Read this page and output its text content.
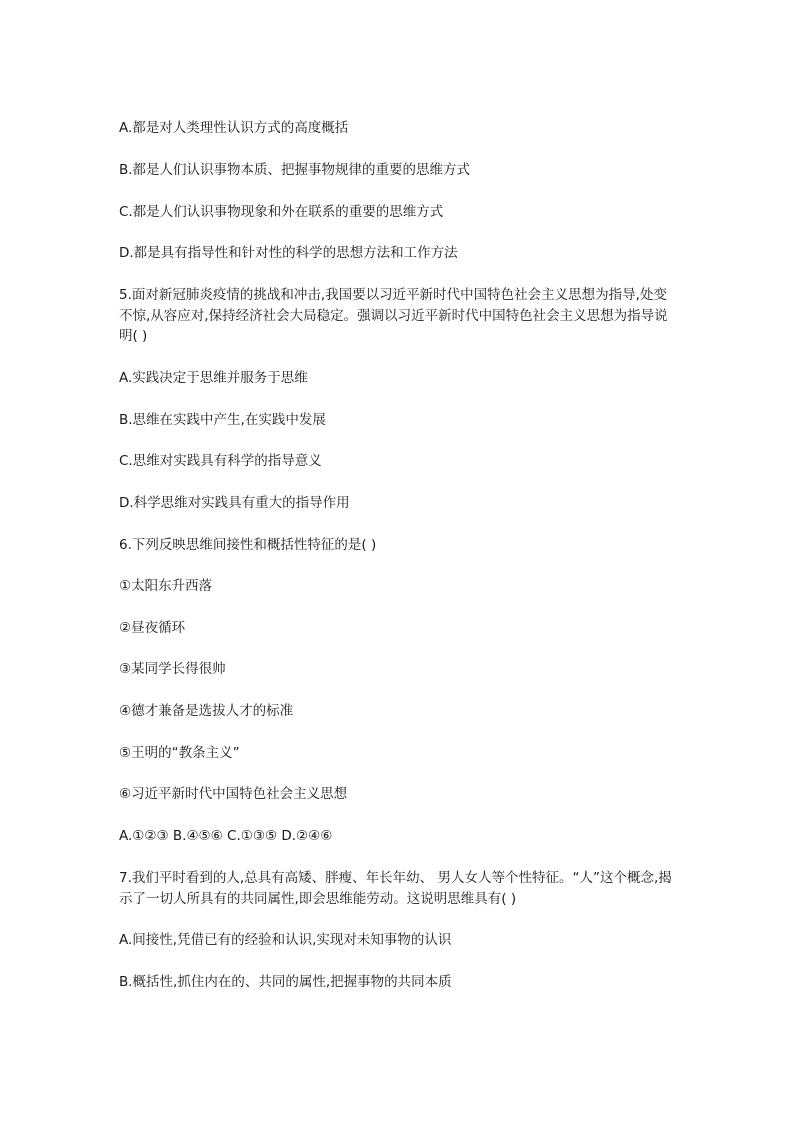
A.都是对人类理性认识方式的高度概括
B.都是人们认识事物本质、把握事物规律的重要的思维方式
C.都是人们认识事物现象和外在联系的重要的思维方式
D.都是具有指导性和针对性的科学的思想方法和工作方法
5.面对新冠肺炎疫情的挑战和冲击,我国要以习近平新时代中国特色社会主义思想为指导,处变不惊,从容应对,保持经济社会大局稳定。强调以习近平新时代中国特色社会主义思想为指导说明( )
A.实践决定于思维并服务于思维
B.思维在实践中产生,在实践中发展
C.思维对实践具有科学的指导意义
D.科学思维对实践具有重大的指导作用
6.下列反映思维间接性和概括性特征的是( )
①太阳东升西落
②昼夜循环
③某同学长得很帅
④德才兼备是选拔人才的标准
⑤王明的“教条主义”
⑥习近平新时代中国特色社会主义思想
A.①②③ B.④⑤⑥ C.①③⑤ D.②④⑥
7.我们平时看到的人,总具有高矮、胖瘦、年长年幼、 男人女人等个性特征。“人”这个概念,揭示了一切人所具有的共同属性,即会思维能劳动。这说明思维具有( )
A.间接性,凭借已有的经验和认识,实现对未知事物的认识
B.概括性,抓住内在的、共同的属性,把握事物的共同本质
